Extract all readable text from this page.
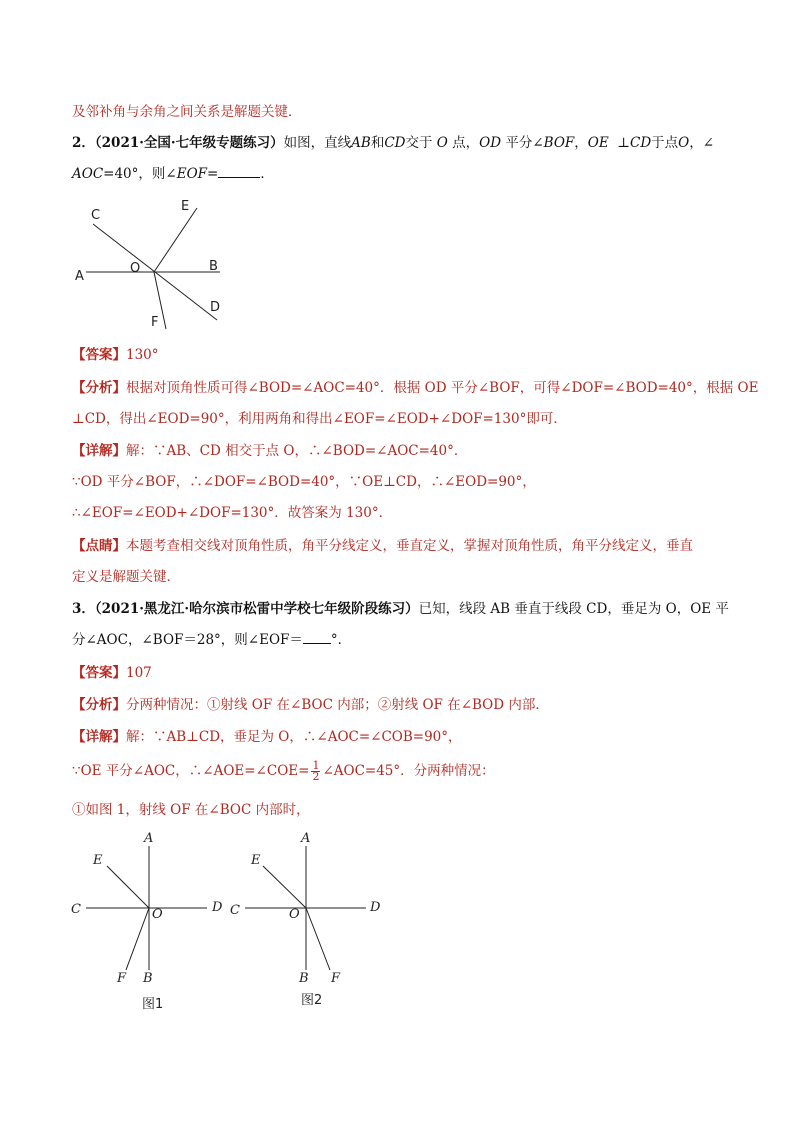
及邻补角与余角之间关系是解题关键．
2．（2021·全国·七年级专题练习）如图，直线AB和CD交于 O 点，OD 平分∠BOF，OE ⊥CD于点O，∠
AOC=40°，则∠EOF=	．
C
E
A
O	B
D
F
【答案】130°
【分析】根据对顶角性质可得∠BOD=∠AOC=40°．根据 OD 平分∠BOF，可得∠DOF=∠BOD=40°，根据 OE
⊥CD，得出∠EOD=90°，利用两角和得出∠EOF=∠EOD+∠DOF=130°即可．
【详解】解：∵AB、CD 相交于点 O，∴∠BOD=∠AOC=40°．
∵OD 平分∠BOF，∴∠DOF=∠BOD=40°，∵OE⊥CD，∴∠EOD=90°，
∴∠EOF=∠EOD+∠DOF=130°．故答案为 130°．
【点睛】本题考查相交线对顶角性质，角平分线定义，垂直定义，掌握对顶角性质，角平分线定义，垂直
定义是解题关键．
3．（2021·黑龙江·哈尔滨市松雷中学校七年级阶段练习）已知，线段 AB 垂直于线段 CD，垂足为 O，OE 平
分∠AOC，∠BOF＝28°，则∠EOF＝ °．
【答案】107
【分析】分两种情况：①射线 OF 在∠BOC 内部；②射线 OF 在∠BOD 内部．
【详解】解：∵AB⊥CD，垂足为 O，∴∠AOC=∠COB=90°，
∵OE 平分∠AOC，∴∠AOE=∠COE= $\frac{1}{2}$ ∠AOC=45°．分两种情况：
①如图 1，射线 OF 在∠BOC 内部时，
A
E
C	O	D
F B
图1
A
E
C	O	D
B F
图2
